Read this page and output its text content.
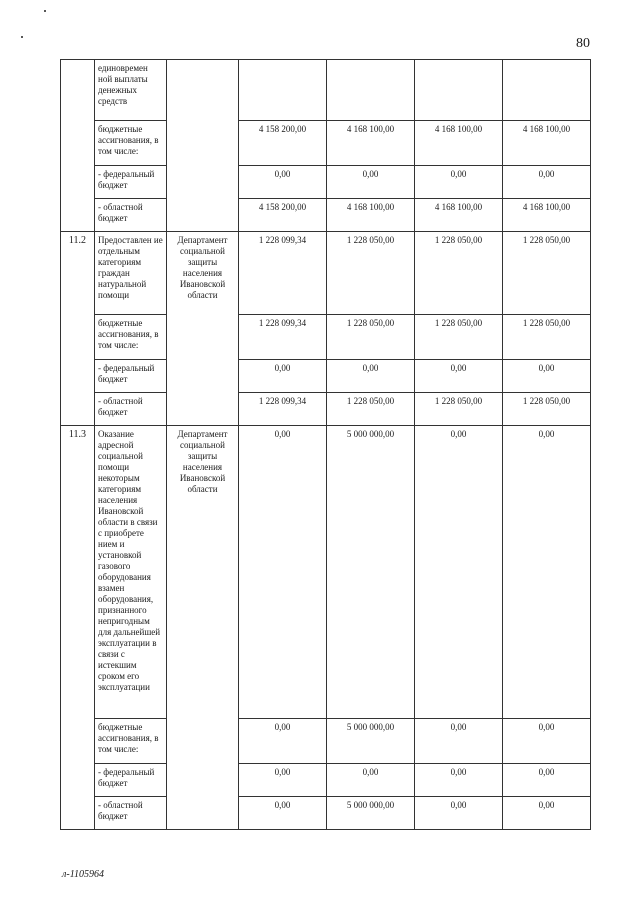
80

	единовремен ной выплаты денежных средств					

	бюджетные ассигнования, в том числе:		4 158 200,00	4 168 100,00	4 168 100,00	4 168 100,00
	- федеральный бюджет		0,00	0,00	0,00	0,00
	- областной бюджет		4 158 200,00	4 168 100,00	4 168 100,00	4 168 100,00
11.2	Предоставлен ие отдельным категориям граждан натуральной помощи	Департамент социальной защиты населения Ивановской области	1 228 099,34	1 228 050,00	1 228 050,00	1 228 050,00
	бюджетные ассигнования, в том числе:		1 228 099,34	1 228 050,00	1 228 050,00	1 228 050,00
	- федеральный бюджет		0,00	0,00	0,00	0,00
	- областной бюджет		1 228 099,34	1 228 050,00	1 228 050,00	1 228 050,00
11.3	Оказание адресной социальной помощи некоторым категориям населения Ивановской области в связи с приобрете нием и установкой газового оборудования взамен оборудования, признанного непригодным для дальнейшей эксплуатации в связи с истекшим сроком его эксплуатации	Департамент социальной защиты населения Ивановской области	0,00	5 000 000,00	0,00	0,00
	бюджетные ассигнования, в том числе:		0,00	5 000 000,00	0,00	0,00
	- федеральный бюджет		0,00	0,00	0,00	0,00
	- областной бюджет		0,00	5 000 000,00	0,00	0,00
л-1105964
